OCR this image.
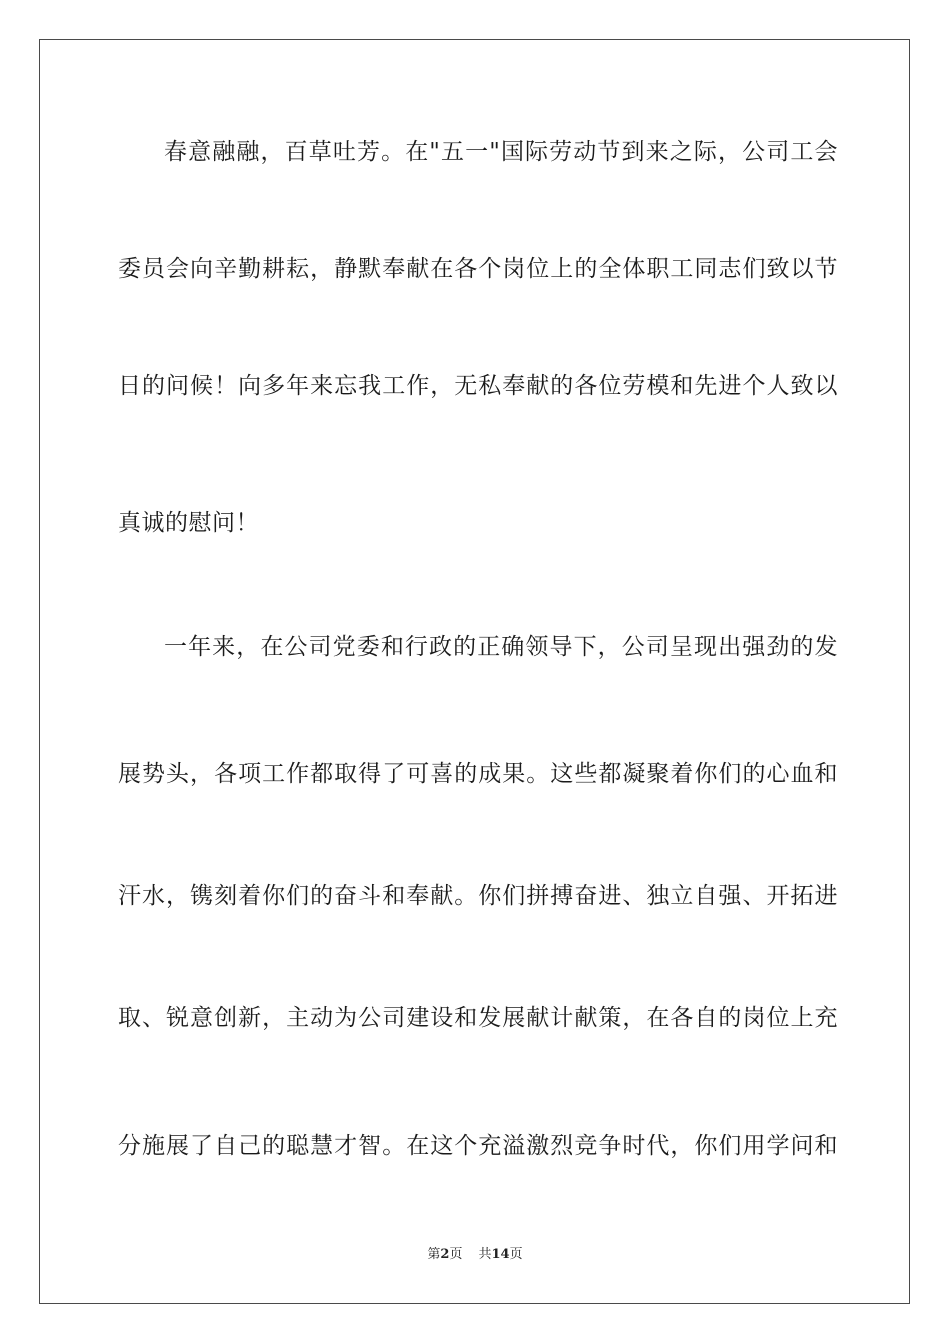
春意融融，百草吐芳。在"五一"国际劳动节到来之际，公司工会
委员会向辛勤耕耘，静默奉献在各个岗位上的全体职工同志们致以节
日的问候！向多年来忘我工作，无私奉献的各位劳模和先进个人致以
真诚的慰问！
一年来，在公司党委和行政的正确领导下，公司呈现出强劲的发
展势头，各项工作都取得了可喜的成果。这些都凝聚着你们的心血和
汗水，镌刻着你们的奋斗和奉献。你们拼搏奋进、独立自强、开拓进
取、锐意创新，主动为公司建设和发展献计献策，在各自的岗位上充
分施展了自己的聪慧才智。在这个充溢激烈竞争时代，你们用学问和
第2页 共14页
